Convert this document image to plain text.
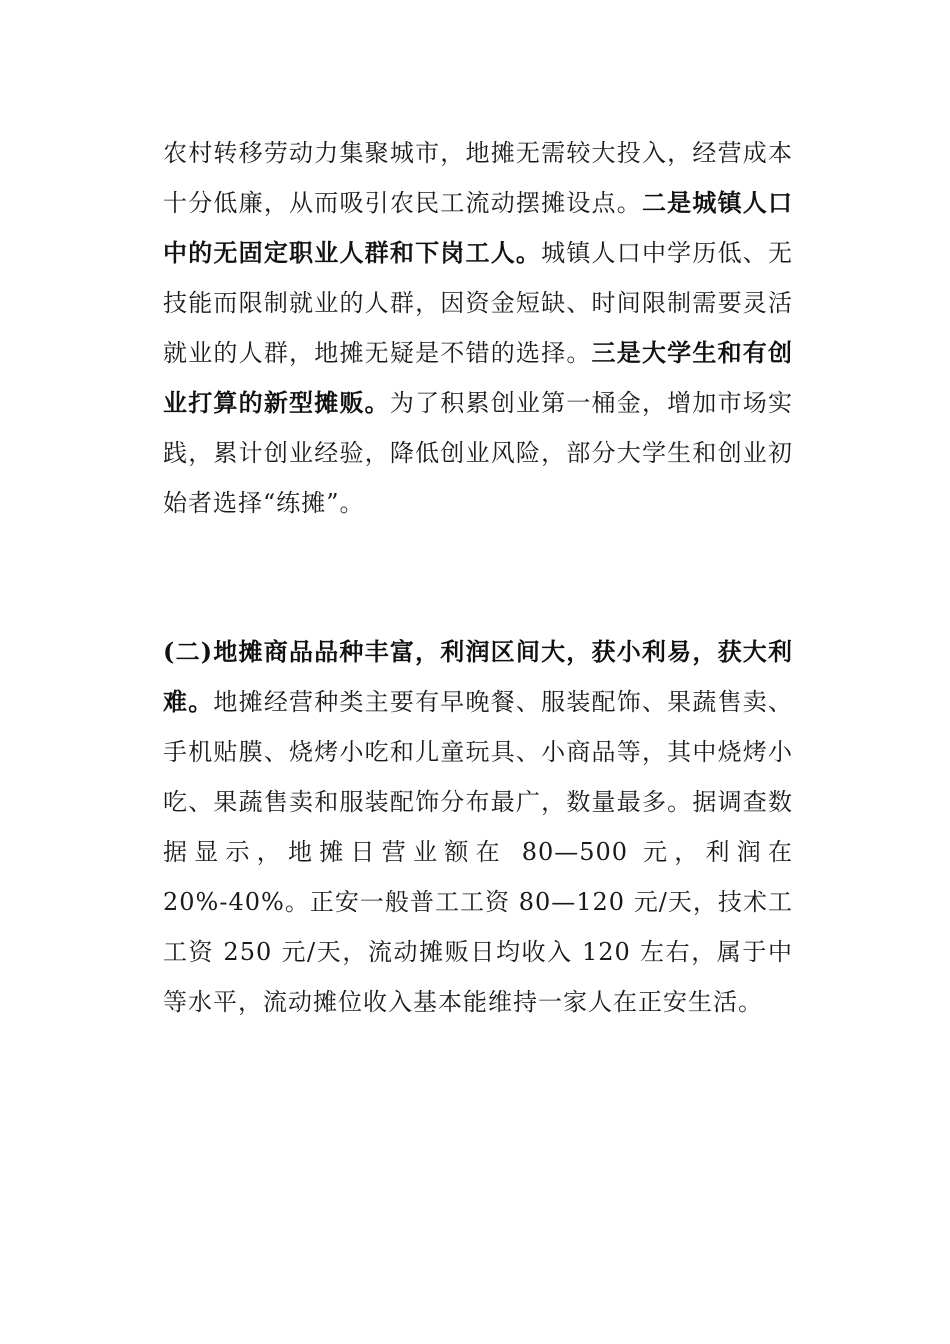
农村转移劳动力集聚城市，地摊无需较大投入，经营成本十分低廉，从而吸引农民工流动摆摊设点。二是城镇人口中的无固定职业人群和下岗工人。城镇人口中学历低、无技能而限制就业的人群，因资金短缺、时间限制需要灵活就业的人群，地摊无疑是不错的选择。三是大学生和有创业打算的新型摊贩。为了积累创业第一桶金，增加市场实践，累计创业经验，降低创业风险，部分大学生和创业初始者选择“练摊”。

(二)地摊商品品种丰富，利润区间大，获小利易，获大利难。地摊经营种类主要有早晚餐、服装配饰、果蔬售卖、手机贴膜、烧烤小吃和儿童玩具、小商品等，其中烧烤小吃、果蔬售卖和服装配饰分布最广，数量最多。据调查数据显示，地摊日营业额在 80—500 元，利润在 20%-40%。正安一般普工工资 80—120 元/天，技术工工资 250 元/天，流动摊贩日均收入 120 左右，属于中等水平，流动摊位收入基本能维持一家人在正安生活。
